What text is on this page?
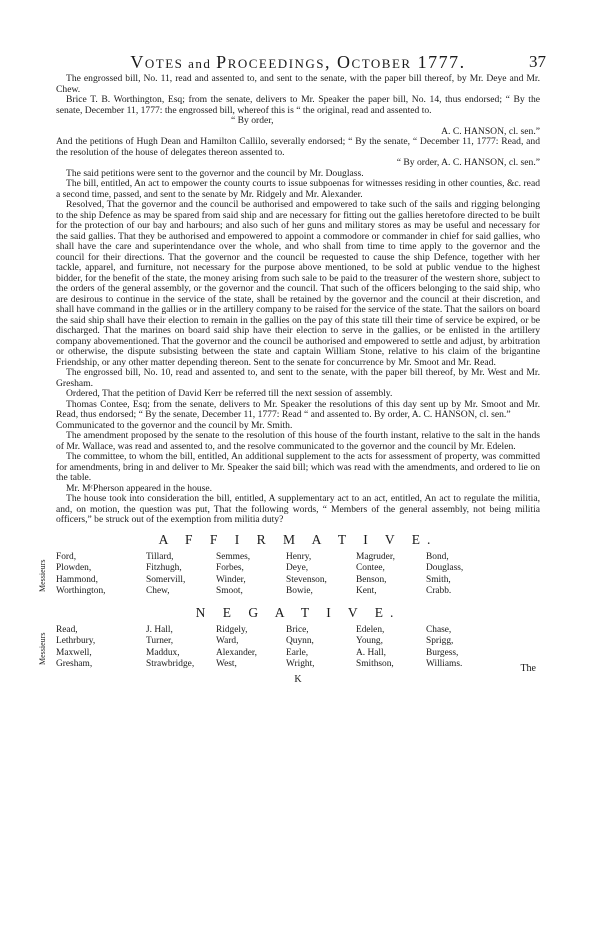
VOTES and PROCEEDINGS, OCTOBER 1777.	37

The engrossed bill, No. 11, read and assented to, and sent to the senate, with the paper bill thereof, by Mr. Deye and Mr. Chew.

Brice T. B. Worthington, Esq; from the senate, delivers to Mr. Speaker the paper bill, No. 14, thus endorsed; “ By the senate, December 11, 1777: the engrossed bill, whereof this is “ the original, read and assented to.

“ By order,

A. C. HANSON, cl. sen.”

And the petitions of Hugh Dean and Hamilton Callilo, severally endorsed; “ By the senate, “ December 11, 1777: Read, and the resolution of the house of delegates thereon assented to.

“ By order, A. C. HANSON, cl. sen.”

The said petitions were sent to the governor and the council by Mr. Douglass.

The bill, entitled, An act to empower the county courts to issue subpoenas for witnesses residing in other counties, &c. read a second time, passed, and sent to the senate by Mr. Ridgely and Mr. Alexander.

Resolved, That the governor and the council be authorised and empowered to take such of the sails and rigging belonging to the ship Defence as may be spared from said ship and are necessary for fitting out the gallies heretofore directed to be built for the protection of our bay and harbours; and also such of her guns and military stores as may be useful and necessary for the said gallies. That they be authorised and empowered to appoint a commodore or commander in chief for said gallies, who shall have the care and superintendance over the whole, and who shall from time to time apply to the governor and the council for their directions. That the governor and the council be requested to cause the ship Defence, together with her tackle, apparel, and furniture, not necessary for the purpose above mentioned, to be sold at public vendue to the highest bidder, for the benefit of the state, the money arising from such sale to be paid to the treasurer of the western shore, subject to the orders of the general assembly, or the governor and the council. That such of the officers belonging to the said ship, who are desirous to continue in the service of the state, shall be retained by the governor and the council at their discretion, and shall have command in the gallies or in the artillery company to be raised for the service of the state. That the sailors on board the said ship shall have their election to remain in the gallies on the pay of this state till their time of service be expired, or be discharged. That the marines on board said ship have their election to serve in the gallies, or be enlisted in the artillery company abovementioned. That the governor and the council be authorised and empowered to settle and adjust, by arbitration or otherwise, the dispute subsisting between the state and captain William Stone, relative to his claim of the brigantine Friendship, or any other matter depending thereon. Sent to the senate for concurrence by Mr. Smoot and Mr. Read.

The engrossed bill, No. 10, read and assented to, and sent to the senate, with the paper bill thereof, by Mr. West and Mr. Gresham.

Ordered, That the petition of David Kerr be referred till the next session of assembly.

Thomas Contee, Esq; from the senate, delivers to Mr. Speaker the resolutions of this day sent up by Mr. Smoot and Mr. Read, thus endorsed; “ By the senate, December 11, 1777: Read “ and assented to. By order, A. C. HANSON, cl. sen.”

Communicated to the governor and the council by Mr. Smith.

The amendment proposed by the senate to the resolution of this house of the fourth instant, relative to the salt in the hands of Mr. Wallace, was read and assented to, and the resolve communicated to the governor and the council by Mr. Edelen.

The committee, to whom the bill, entitled, An additional supplement to the acts for assessment of property, was committed for amendments, bring in and deliver to Mr. Speaker the said bill; which was read with the amendments, and ordered to lie on the table.

Mr. MᶜPherson appeared in the house.

The house took into consideration the bill, entitled, A supplementary act to an act, entitled, An act to regulate the militia, and, on motion, the question was put, That the following words, “ Members of the general assembly, not being militia officers,” be struck out of the exemption from militia duty?

A F F I R M A T I V E.
Messieurs
Ford,	Tillard,	Semmes,	Henry,	Magruder,	Bond,
Plowden,	Fitzhugh,	Forbes,	Deye,	Contee,	Douglass,
Hammond,	Somervill,	Winder,	Stevenson,	Benson,	Smith,
Worthington,	Chew,	Smoot,	Bowie,	Kent,	Crabb.
N E G A T I V E.
Messieurs
Read,	J. Hall,	Ridgely,	Brice,	Edelen,	Chase,
Lethrbury,	Turner,	Ward,	Quynn,	Young,	Sprigg,
Maxwell,	Maddux,	Alexander,	Earle,	A. Hall,	Burgess,
Gresham,	Strawbridge,	West,	Wright,	Smithson,	Williams.	The
K
